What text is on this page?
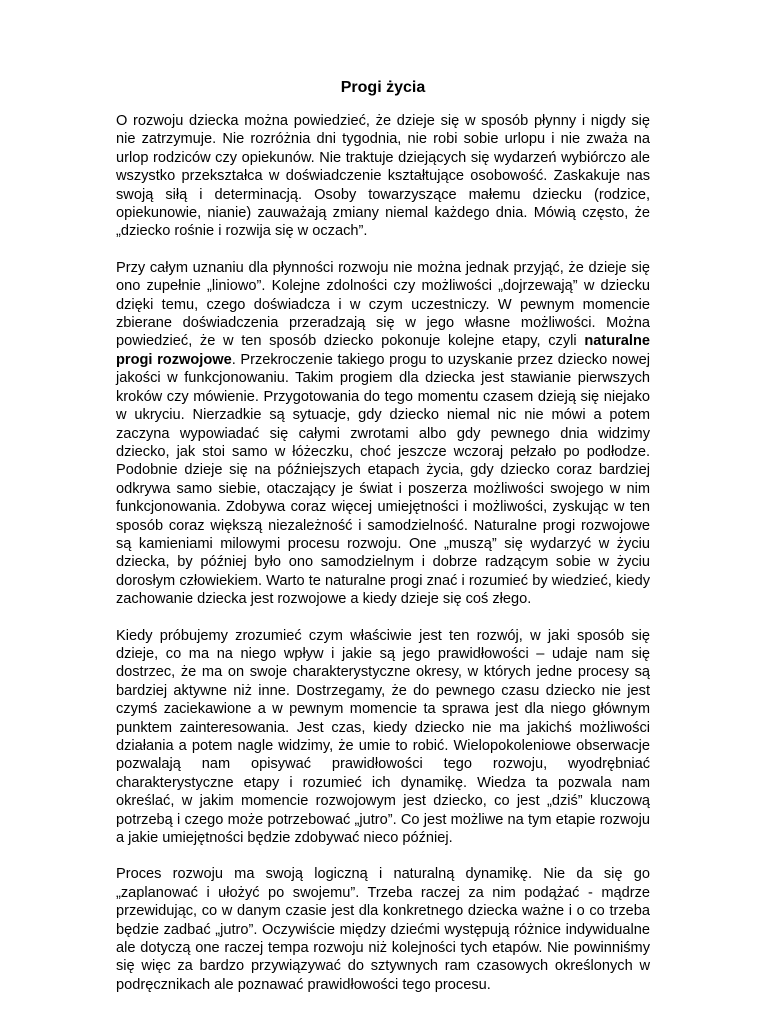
Progi życia

O rozwoju dziecka można powiedzieć, że dzieje się w sposób płynny i nigdy się nie zatrzymuje. Nie rozróżnia dni tygodnia, nie robi sobie urlopu i nie zważa na urlop rodziców czy opiekunów. Nie traktuje dziejących się wydarzeń wybiórczo ale wszystko przekształca w doświadczenie kształtujące osobowość. Zaskakuje nas swoją siłą i determinacją. Osoby towarzyszące małemu dziecku (rodzice, opiekunowie, nianie) zauważają zmiany niemal każdego dnia. Mówią często, że „dziecko rośnie i rozwija się w oczach”.

Przy całym uznaniu dla płynności rozwoju nie można jednak przyjąć, że dzieje się ono zupełnie „liniowo”. Kolejne zdolności czy możliwości „dojrzewają” w dziecku dzięki temu, czego doświadcza i w czym uczestniczy. W pewnym momencie zbierane doświadczenia przeradzają się w jego własne możliwości. Można powiedzieć, że w ten sposób dziecko pokonuje kolejne etapy, czyli naturalne progi rozwojowe. Przekroczenie takiego progu to uzyskanie przez dziecko nowej jakości w funkcjonowaniu. Takim progiem dla dziecka jest stawianie pierwszych kroków czy mówienie. Przygotowania do tego momentu czasem dzieją się niejako w ukryciu. Nierzadkie są sytuacje, gdy dziecko niemal nic nie mówi a potem zaczyna wypowiadać się całymi zwrotami albo gdy pewnego dnia widzimy dziecko, jak stoi samo w łóżeczku, choć jeszcze wczoraj pełzało po podłodze. Podobnie dzieje się na późniejszych etapach życia, gdy dziecko coraz bardziej odkrywa samo siebie, otaczający je świat i poszerza możliwości swojego w nim funkcjonowania. Zdobywa coraz więcej umiejętności i możliwości, zyskując w ten sposób coraz większą niezależność i samodzielność. Naturalne progi rozwojowe są kamieniami milowymi procesu rozwoju. One „muszą” się wydarzyć w życiu dziecka, by później było ono samodzielnym i dobrze radzącym sobie w życiu dorosłym człowiekiem. Warto te naturalne progi znać i rozumieć by wiedzieć, kiedy zachowanie dziecka jest rozwojowe a kiedy dzieje się coś złego.

Kiedy próbujemy zrozumieć czym właściwie jest ten rozwój, w jaki sposób się dzieje, co ma na niego wpływ i jakie są jego prawidłowości – udaje nam się dostrzec, że ma on swoje charakterystyczne okresy, w których jedne procesy są bardziej aktywne niż inne. Dostrzegamy, że do pewnego czasu dziecko nie jest czymś zaciekawione a w pewnym momencie ta sprawa jest dla niego głównym punktem zainteresowania. Jest czas, kiedy dziecko nie ma jakichś możliwości działania a potem nagle widzimy, że umie to robić. Wielopokoleniowe obserwacje pozwalają nam opisywać prawidłowości tego rozwoju, wyodrębniać charakterystyczne etapy i rozumieć ich dynamikę. Wiedza ta pozwala nam określać, w jakim momencie rozwojowym jest dziecko, co jest „dziś” kluczową potrzebą i czego może potrzebować „jutro”. Co jest możliwe na tym etapie rozwoju a jakie umiejętności będzie zdobywać nieco później.

Proces rozwoju ma swoją logiczną i naturalną dynamikę. Nie da się go „zaplanować i ułożyć po swojemu”. Trzeba raczej za nim podążać - mądrze przewidując, co w danym czasie jest dla konkretnego dziecka ważne i o co trzeba będzie zadbać „jutro”. Oczywiście między dziećmi występują różnice indywidualne ale dotyczą one raczej tempa rozwoju niż kolejności tych etapów. Nie powinniśmy się więc za bardzo przywiązywać do sztywnych ram czasowych określonych w podręcznikach ale poznawać prawidłowości tego procesu.
